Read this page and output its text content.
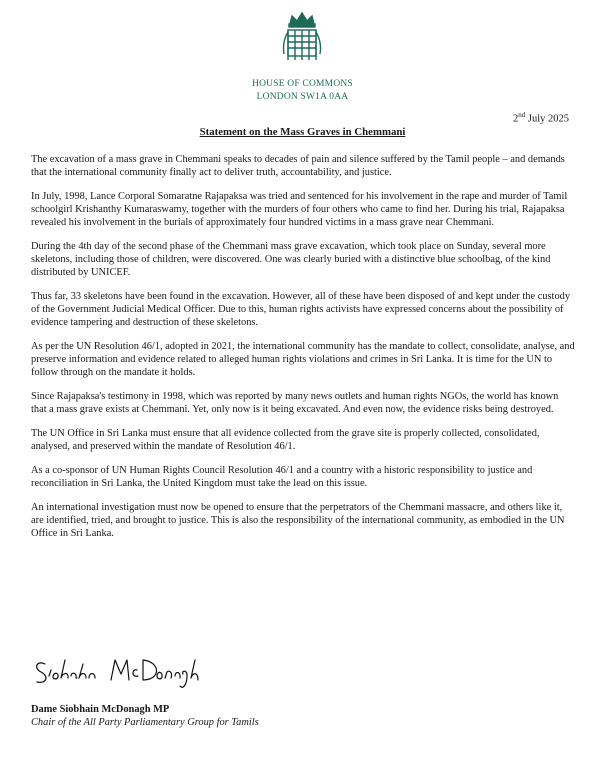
HOUSE OF COMMONS
LONDON SW1A 0AA
2nd July 2025
Statement on the Mass Graves in Chemmani

The excavation of a mass grave in Chemmani speaks to decades of pain and silence suffered by the Tamil people – and demands that the international community finally act to deliver truth, accountability, and justice.

In July, 1998, Lance Corporal Somaratne Rajapaksa was tried and sentenced for his involvement in the rape and murder of Tamil schoolgirl Krishanthy Kumaraswamy, together with the murders of four others who came to find her. During his trial, Rajapaksa revealed his involvement in the burials of approximately four hundred victims in a mass grave near Chemmani.

During the 4th day of the second phase of the Chemmani mass grave excavation, which took place on Sunday, several more skeletons, including those of children, were discovered. One was clearly buried with a distinctive blue schoolbag, of the kind distributed by UNICEF.

Thus far, 33 skeletons have been found in the excavation. However, all of these have been disposed of and kept under the custody of the Government Judicial Medical Officer. Due to this, human rights activists have expressed concerns about the possibility of evidence tampering and destruction of these skeletons.

As per the UN Resolution 46/1, adopted in 2021, the international community has the mandate to collect, consolidate, analyse, and preserve information and evidence related to alleged human rights violations and crimes in Sri Lanka. It is time for the UN to follow through on the mandate it holds.

Since Rajapaksa's testimony in 1998, which was reported by many news outlets and human rights NGOs, the world has known that a mass grave exists at Chemmani. Yet, only now is it being excavated. And even now, the evidence risks being destroyed.

The UN Office in Sri Lanka must ensure that all evidence collected from the grave site is properly collected, consolidated, analysed, and preserved within the mandate of Resolution 46/1.

As a co-sponsor of UN Human Rights Council Resolution 46/1 and a country with a historic responsibility to justice and reconciliation in Sri Lanka, the United Kingdom must take the lead on this issue.

An international investigation must now be opened to ensure that the perpetrators of the Chemmani massacre, and others like it, are identified, tried, and brought to justice. This is also the responsibility of the international community, as embodied in the UN Office in Sri Lanka.

Dame Siobhain McDonagh MP
Chair of the All Party Parliamentary Group for Tamils
